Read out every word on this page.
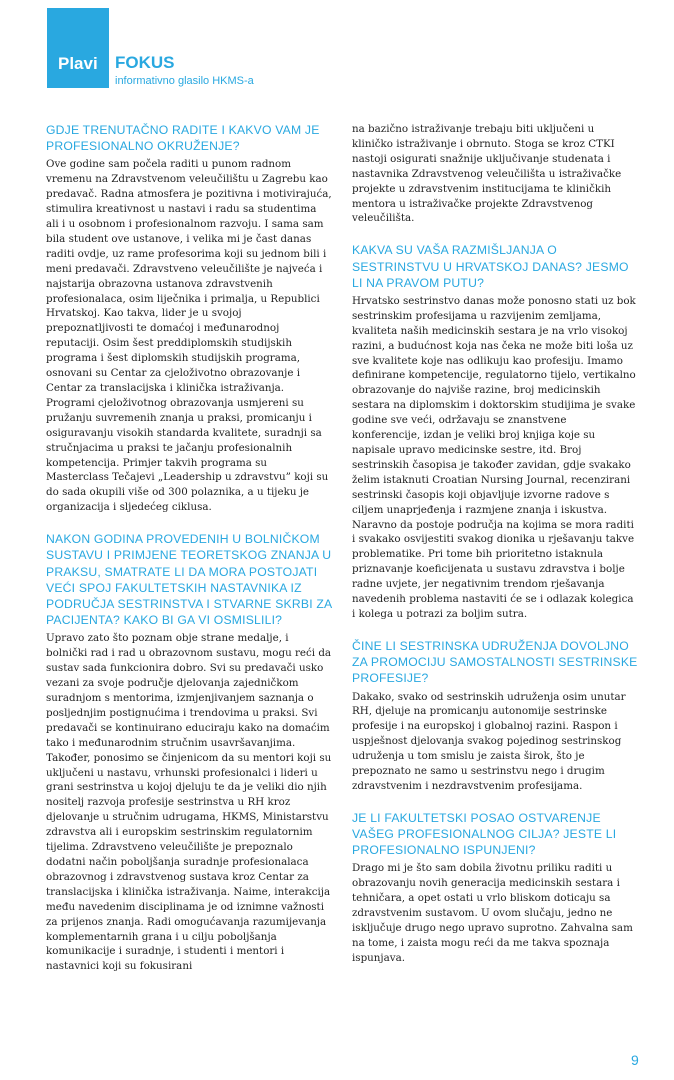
Plavi FOKUS
informativno glasilo HKMS-a
GDJE TRENUTAČNO RADITE I KAKVO VAM JE PROFESIONALNO OKRUŽENJE?
Ove godine sam počela raditi u punom radnom vremenu na Zdravstvenom veleučilištu u Zagrebu kao predavač. Radna atmosfera je pozitivna i motivirajuća, stimulira kreativnost u nastavi i radu sa studentima ali i u osobnom i profesionalnom razvoju. I sama sam bila student ove ustanove, i velika mi je čast danas raditi ovdje, uz rame profesorima koji su jednom bili i meni predavači. Zdravstveno veleučilište je najveća i najstarija obrazovna ustanova zdravstvenih profesionalaca, osim liječnika i primalja, u Republici Hrvatskoj. Kao takva, lider je u svojoj prepoznatljivosti te domaćoj i međunarodnoj reputaciji. Osim šest preddiplomskih studijskih programa i šest diplomskih studijskih programa, osnovani su Centar za cjeloživotno obrazovanje i Centar za translacijska i klinička istraživanja. Programi cjeloživotnog obrazovanja usmjereni su pružanju suvremenih znanja u praksi, promicanju i osiguravanju visokih standarda kvalitete, suradnji sa stručnjacima u praksi te jačanju profesionalnih kompetencija. Primjer takvih programa su Masterclass Tečajevi „Leadership u zdravstvu” koji su do sada okupili više od 300 polaznika, a u tijeku je organizacija i sljedećeg ciklusa.
NAKON GODINA PROVEDENIH U BOLNIČKOM SUSTAVU I PRIMJENE TEORETSKOG ZNANJA U PRAKSU, SMATRATE LI DA MORA POSTOJATI VEĆI SPOJ FAKULTETSKIH NASTAVNIKA IZ PODRUČJA SESTRINSTVA I STVARNE SKRBI ZA PACIJENTA? KAKO BI GA VI OSMISLILI?
Upravo zato što poznam obje strane medalje, i bolnički rad i rad u obrazovnom sustavu, mogu reći da sustav sada funkcionira dobro. Svi su predavači usko vezani za svoje područje djelovanja zajedničkom suradnjom s mentorima, izmjenjivanjem saznanja o posljednjim postignućima i trendovima u praksi. Svi predavači se kontinuirano educiraju kako na domaćim tako i međunarodnim stručnim usavršavanjima. Također, ponosimo se činjenicom da su mentori koji su uključeni u nastavu, vrhunski profesionalci i lideri u grani sestrinstva u kojoj djeluju te da je veliki dio njih nositelj razvoja profesije sestrinstva u RH kroz djelovanje u stručnim udrugama, HKMS, Ministarstvu zdravstva ali i europskim sestrinskim regulatornim tijelima. Zdravstveno veleučilište je prepoznalo dodatni način poboljšanja suradnje profesionalaca obrazovnog i zdravstvenog sustava kroz Centar za translacijska i klinička istraživanja. Naime, interakcija među navedenim disciplinama je od iznimne važnosti za prijenos znanja. Radi omogućavanja razumijevanja komplementarnih grana i u cilju poboljšanja komunikacije i suradnje, i studenti i mentori i nastavnici koji su fokusirani
na bazično istraživanje trebaju biti uključeni u kliničko istraživanje i obrnuto. Stoga se kroz CTKI nastoji osigurati snažnije uključivanje studenata i nastavnika Zdravstvenog veleučilišta u istraživačke projekte u zdravstvenim institucijama te kliničkih mentora u istraživačke projekte Zdravstvenog veleučilišta.
KAKVA SU VAŠA RAZMIŠLJANJA O SESTRINSTVU U HRVATSKOJ DANAS? JESMO LI NA PRAVOM PUTU?
Hrvatsko sestrinstvo danas može ponosno stati uz bok sestrinskim profesijama u razvijenim zemljama, kvaliteta naših medicinskih sestara je na vrlo visokoj razini, a budućnost koja nas čeka ne može biti loša uz sve kvalitete koje nas odlikuju kao profesiju. Imamo definirane kompetencije, regulatorno tijelo, vertikalno obrazovanje do najviše razine, broj medicinskih sestara na diplomskim i doktorskim studijima je svake godine sve veći, održavaju se znanstvene konferencije, izdan je veliki broj knjiga koje su napisale upravo medicinske sestre, itd. Broj sestrinskih časopisa je također zavidan, gdje svakako želim istaknuti Croatian Nursing Journal, recenzirani sestrinski časopis koji objavljuje izvorne radove s ciljem unaprjeđenja i razmjene znanja i iskustva. Naravno da postoje područja na kojima se mora raditi i svakako osvijestiti svakog dionika u rješavanju takve problematike. Pri tome bih prioritetno istaknula priznavanje koeficijenata u sustavu zdravstva i bolje radne uvjete, jer negativnim trendom rješavanja navedenih problema nastaviti će se i odlazak kolegica i kolega u potrazi za boljim sutra.
ČINE LI SESTRINSKA UDRUŽENJA DOVOLJNO ZA PROMOCIJU SAMOSTALNOSTI SESTRINSKE PROFESIJE?
Dakako, svako od sestrinskih udruženja osim unutar RH, djeluje na promicanju autonomije sestrinske profesije i na europskoj i globalnoj razini. Raspon i uspješnost djelovanja svakog pojedinog sestrinskog udruženja u tom smislu je zaista širok, što je prepoznato ne samo u sestrinstvu nego i drugim zdravstvenim i nezdravstvenim profesijama.
JE LI FAKULTETSKI POSAO OSTVARENJE VAŠEG PROFESIONALNOG CILJA? JESTE LI PROFESIONALNO ISPUNJENI?
Drago mi je što sam dobila životnu priliku raditi u obrazovanju novih generacija medicinskih sestara i tehničara, a opet ostati u vrlo bliskom doticaju sa zdravstvenim sustavom. U ovom slučaju, jedno ne isključuje drugo nego upravo suprotno. Zahvalna sam na tome, i zaista mogu reći da me takva spoznaja ispunjava.
9
